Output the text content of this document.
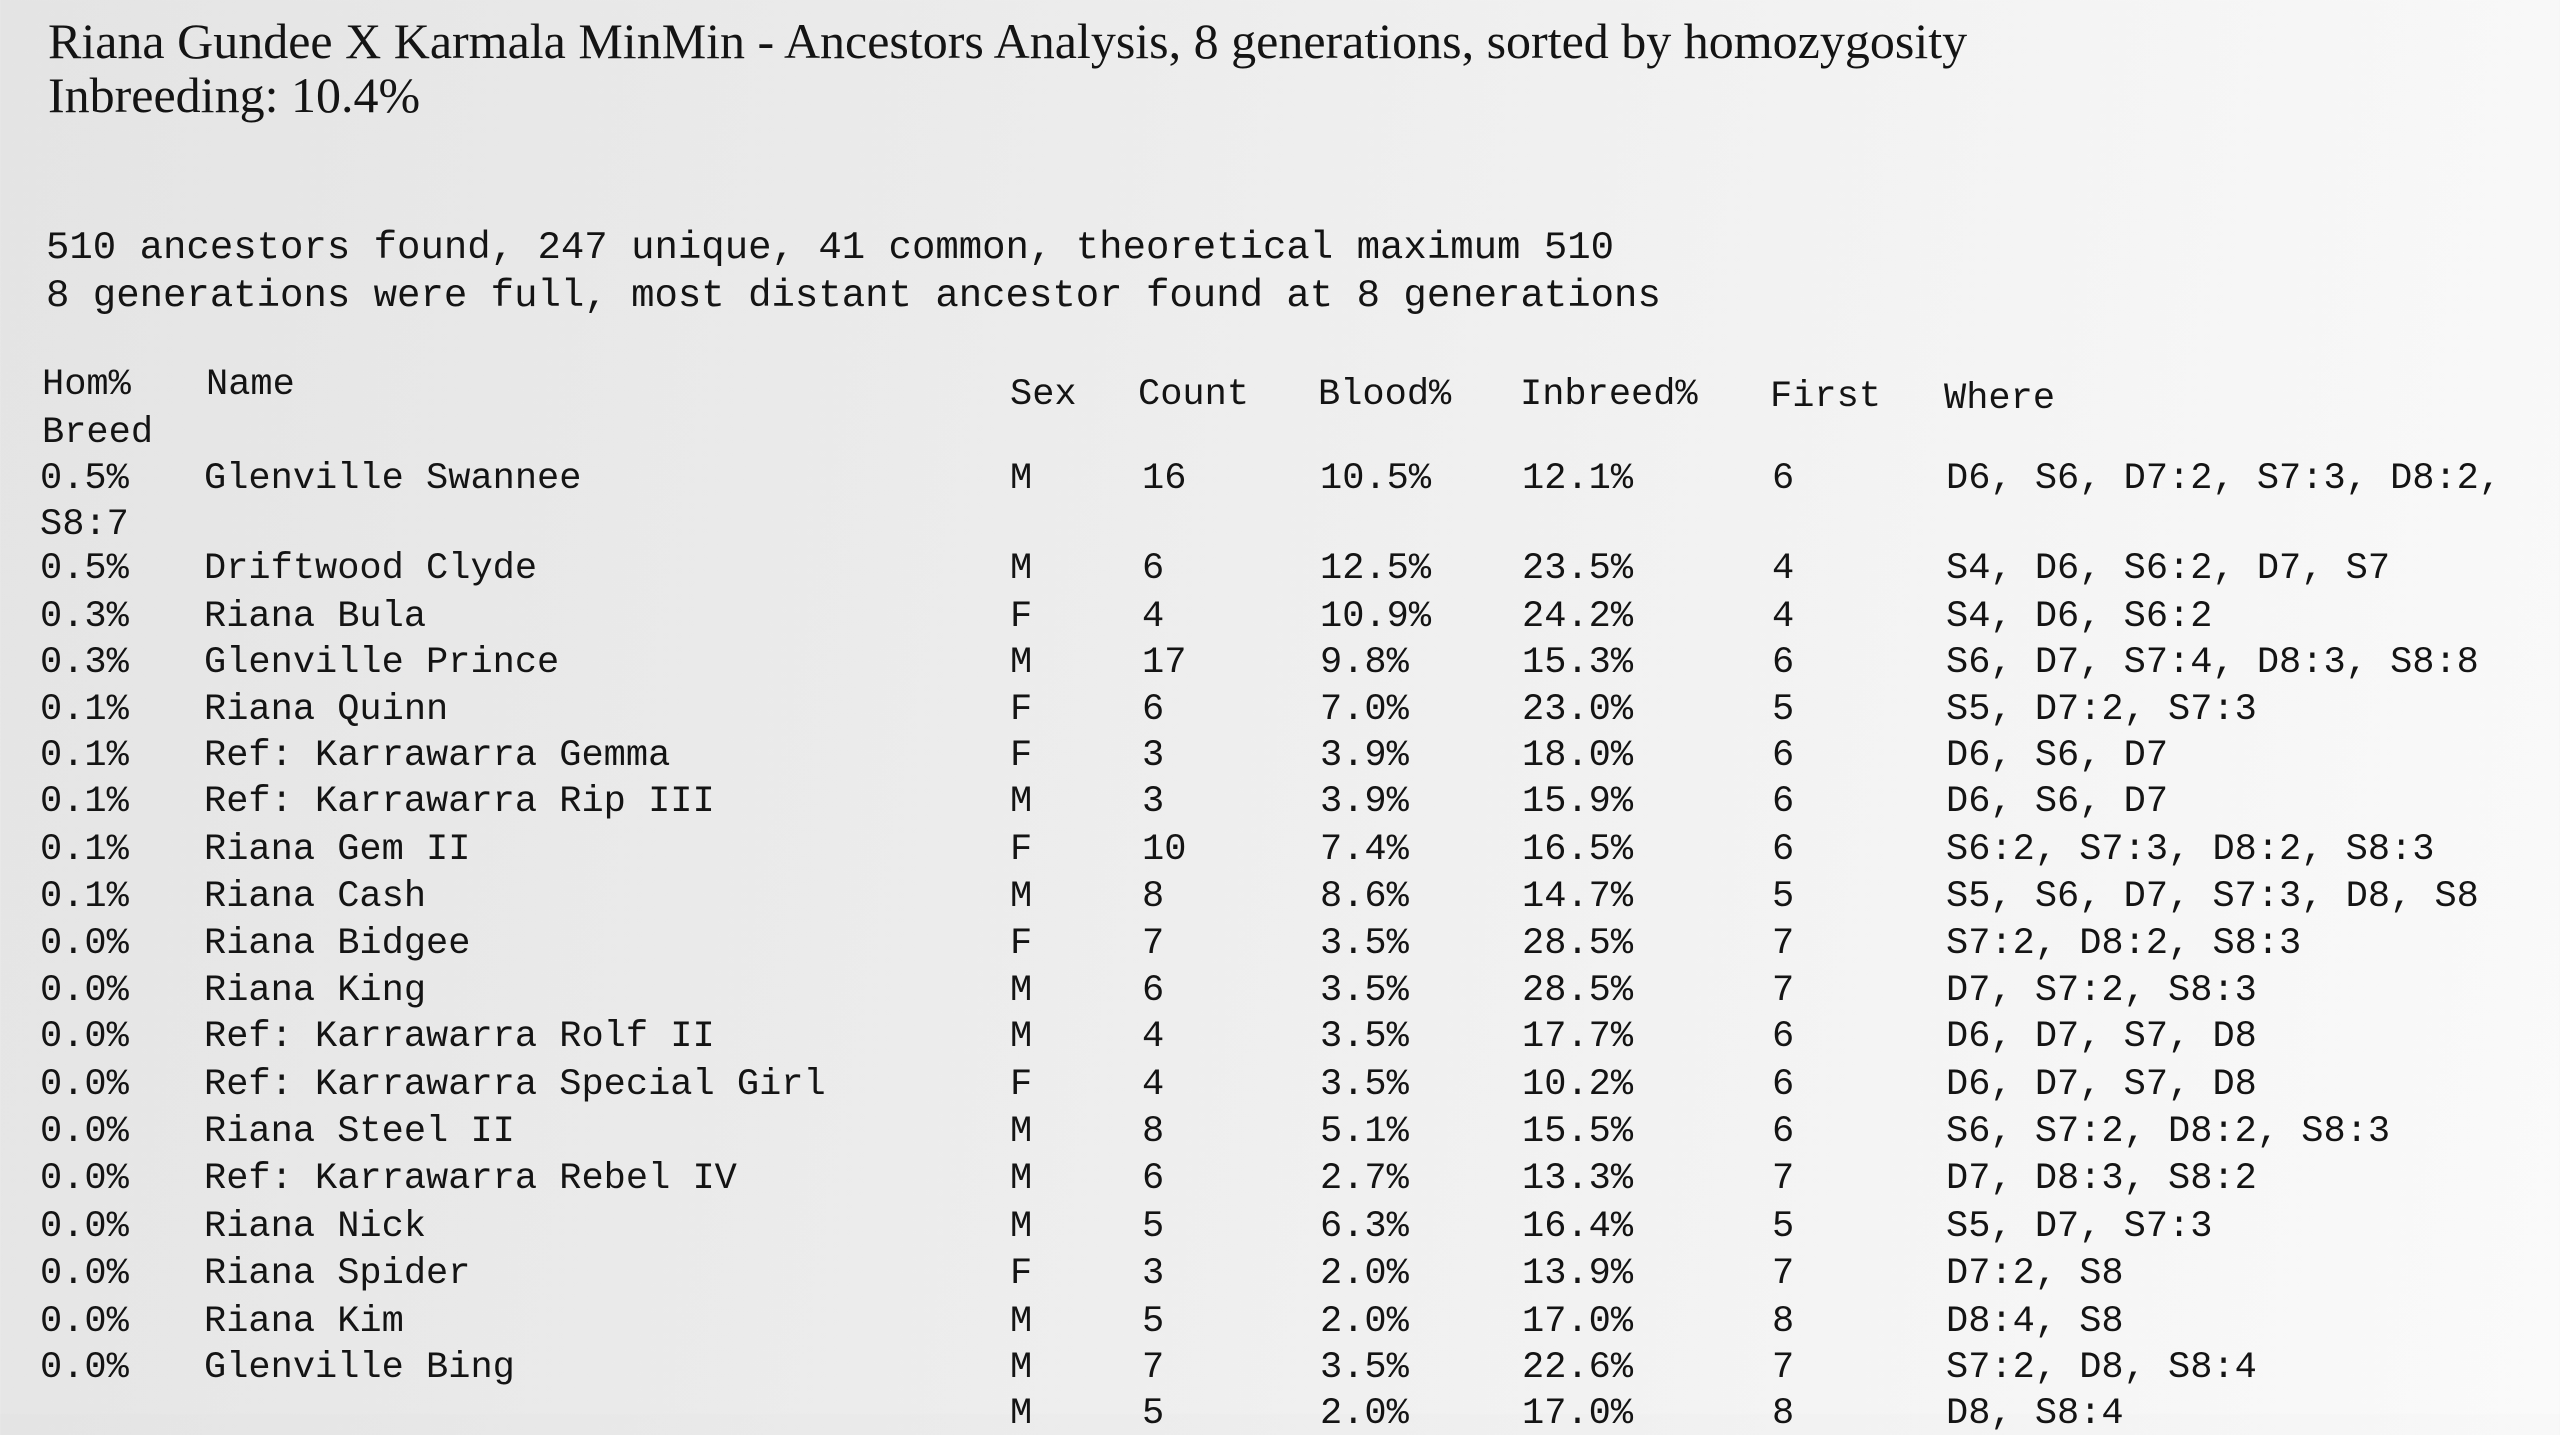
Riana Gundee X Karmala MinMin - Ancestors Analysis, 8 generations, sorted by homozygosity
Inbreeding: 10.4%
510 ancestors found, 247 unique, 41 common, theoretical maximum 510
8 generations were full, most distant ancestor found at 8 generations
Hom%
Breed
Name	Sex Count Blood% Inbreed% First Where
0.5% Glenville Swannee	M	16	10.5% 12.1%	6	D6, S6, D7:2, S7:3, D8:2,
S8:7
0.5% Driftwood Clyde	M	6	12.5% 23.5%	4	S4, D6, S6:2, D7, S7
0.3% Riana Bula	F	4	10.9% 24.2%	4	S4, D6, S6:2
0.3% Glenville Prince	M	17	9.8%	15.3%	6	S6, D7, S7:4, D8:3, S8:8
0.1% Riana Quinn	F	6	7.0%	23.0%	5	S5, D7:2, S7:3
0.1% Ref: Karrawarra Gemma	F	3	3.9%	18.0%	6	D6, S6, D7
0.1% Ref: Karrawarra Rip III	M	3	3.9%	15.9%	6	D6, S6, D7
0.1% Riana Gem II	F	10	7.4%	16.5%	6	S6:2, S7:3, D8:2, S8:3
0.1% Riana Cash	M	8	8.6%	14.7%	5	S5, S6, D7, S7:3, D8, S8
0.0% Riana Bidgee	F	7	3.5%	28.5%	7	S7:2, D8:2, S8:3
0.0% Riana King	M	6	3.5%	28.5%	7	D7, S7:2, S8:3
0.0% Ref: Karrawarra Rolf II	M	4	3.5%	17.7%	6	D6, D7, S7, D8
0.0% Ref: Karrawarra Special Girl	F	4	3.5%	10.2%	6	D6, D7, S7, D8
0.0% Riana Steel II	M	8	5.1%	15.5%	6	S6, S7:2, D8:2, S8:3
0.0% Ref: Karrawarra Rebel IV	M	6	2.7%	13.3%	7	D7, D8:3, S8:2
0.0% Riana Nick	M	5	6.3%	16.4%	5	S5, D7, S7:3
0.0% Riana Spider	F	3	2.0%	13.9%	7	D7:2, S8
0.0% Riana Kim	M	5	2.0%	17.0%	8	D8:4, S8
0.0% Glenville Bing	M	7	3.5%	22.6%	7	S7:2, D8, S8:4
M	5	2.0%	17.0%	8	D8, S8:4
